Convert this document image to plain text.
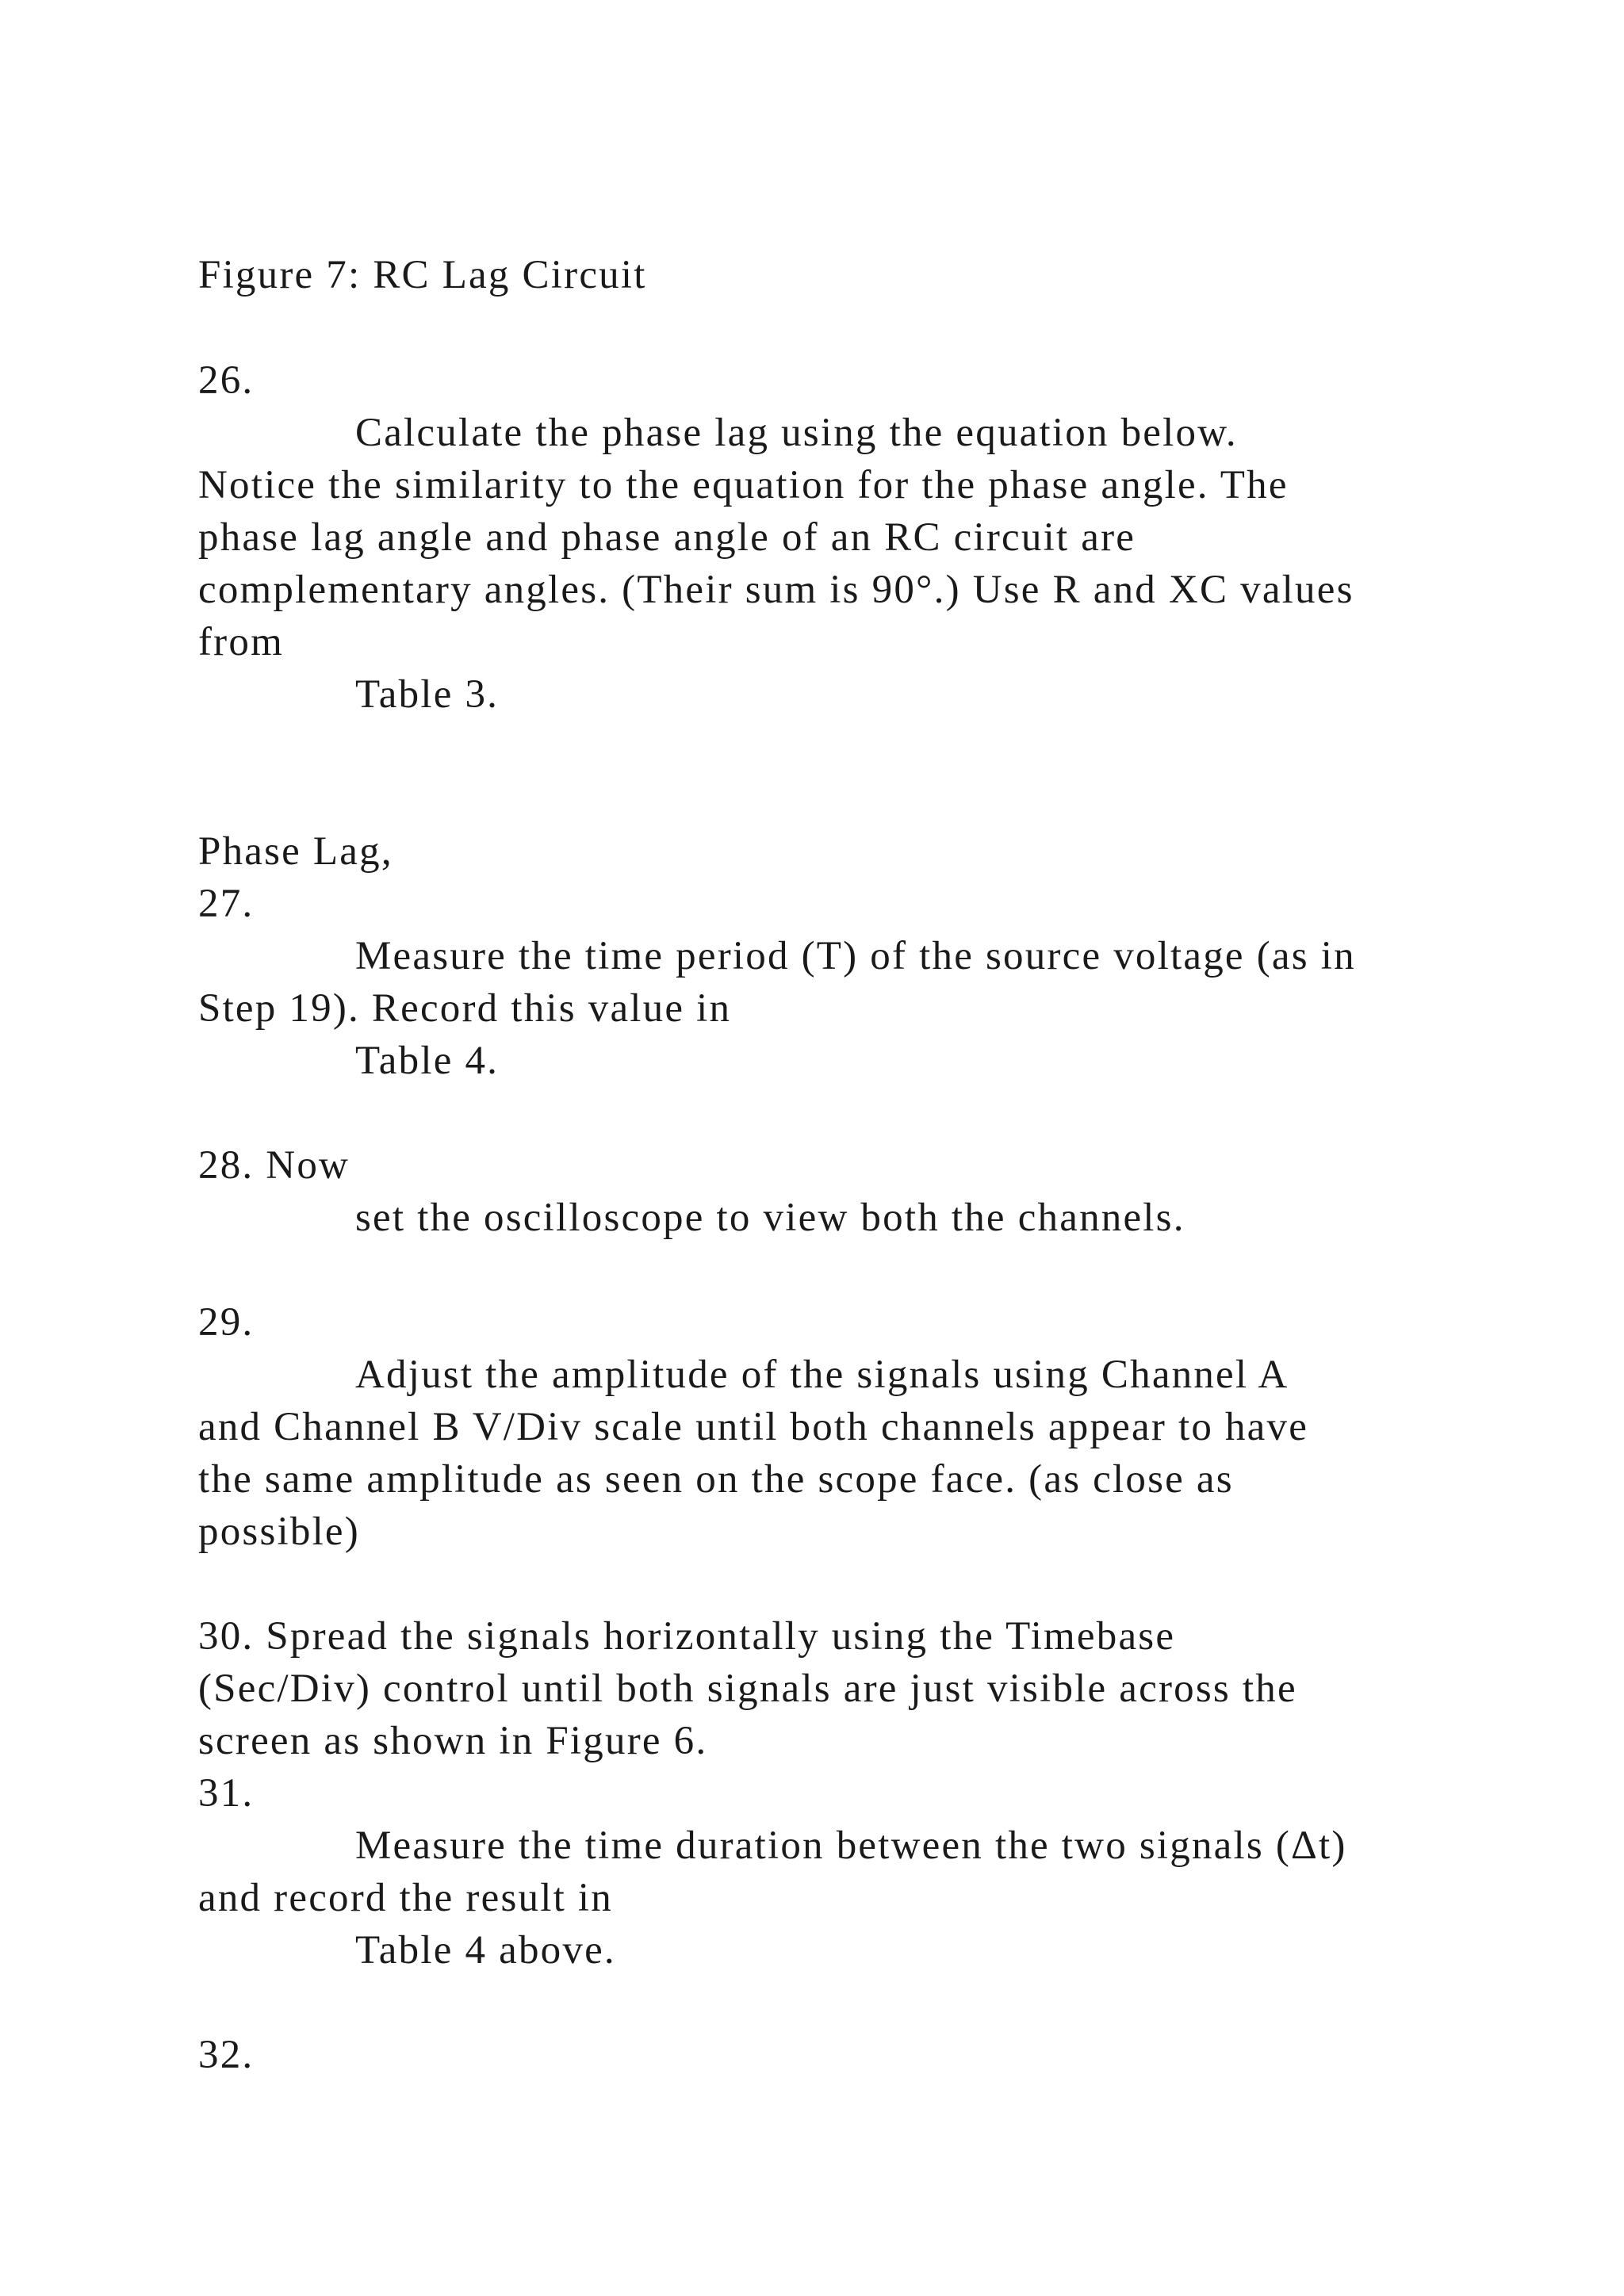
Figure 7: RC Lag Circuit
26.
Calculate the phase lag using the equation below.
Notice the similarity to the equation for the phase angle. The
phase lag angle and phase angle of an RC circuit are
complementary angles. (Their sum is 90°.) Use R and XC values
from
Table 3.
Phase Lag,
27.
Measure the time period (T) of the source voltage (as in
Step 19). Record this value in
Table 4.
28. Now
set the oscilloscope to view both the channels.
29.
Adjust the amplitude of the signals using Channel A
and Channel B V/Div scale until both channels appear to have
the same amplitude as seen on the scope face. (as close as
possible)
30. Spread the signals horizontally using the Timebase
(Sec/Div) control until both signals are just visible across the
screen as shown in Figure 6.
31.
Measure the time duration between the two signals (Δt)
and record the result in
Table 4 above.
32.
